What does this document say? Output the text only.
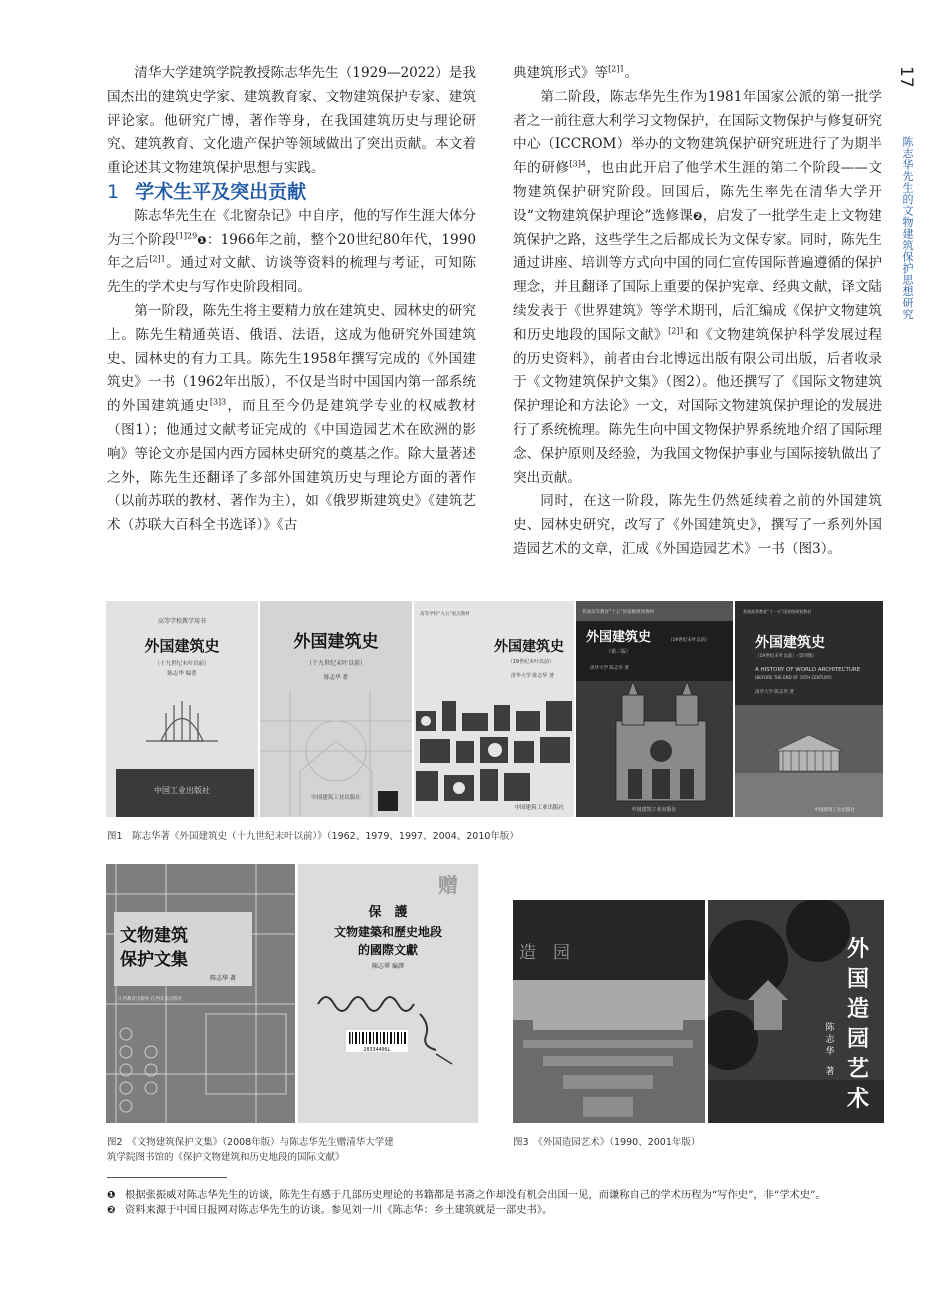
17
陈志华先生的文物建筑保护思想研究

清华大学建筑学院教授陈志华先生（1929—2022）是我国杰出的建筑史学家、建筑教育家、文物建筑保护专家、建筑评论家。他研究广博，著作等身，在我国建筑历史与理论研究、建筑教育、文化遗产保护等领域做出了突出贡献。本文着重论述其文物建筑保护思想与实践。

1 学术生平及突出贡献

陈志华先生在《北窗杂记》中自序，他的写作生涯大体分为三个阶段$^{[1]29}$❶：1966年之前，整个20世纪80年代，1990年之后$^{[2]1}$。通过对文献、访谈等资料的梳理与考证，可知陈先生的学术史与写作史阶段相同。

第一阶段，陈先生将主要精力放在建筑史、园林史的研究上。陈先生精通英语、俄语、法语，这成为他研究外国建筑史、园林史的有力工具。陈先生1958年撰写完成的《外国建筑史》一书（1962年出版），不仅是当时中国国内第一部系统的外国建筑通史$^{[3]3}$，而且至今仍是建筑学专业的权威教材（图1）；他通过文献考证完成的《中国造园艺术在欧洲的影响》等论文亦是国内西方园林史研究的奠基之作。除大量著述之外，陈先生还翻译了多部外国建筑历史与理论方面的著作（以前苏联的教材、著作为主），如《俄罗斯建筑史》《建筑艺术（苏联大百科全书选译）》《古

典建筑形式》等$^{[2]1}$。

第二阶段，陈志华先生作为1981年国家公派的第一批学者之一前往意大利学习文物保护，在国际文物保护与修复研究中心（ICCROM）举办的文物建筑保护研究班进行了为期半年的研修$^{[3]4}$，也由此开启了他学术生涯的第二个阶段——文物建筑保护研究阶段。回国后，陈先生率先在清华大学开设“文物建筑保护理论”选修课❷，启发了一批学生走上文物建筑保护之路，这些学生之后都成长为文保专家。同时，陈先生通过讲座、培训等方式向中国的同仁宣传国际普遍遵循的保护理念，并且翻译了国际上重要的保护宪章、经典文献，译文陆续发表于《世界建筑》等学术期刊，后汇编成《保护文物建筑和历史地段的国际文献》$^{[2]1}$和《文物建筑保护科学发展过程的历史资料》，前者由台北博远出版有限公司出版，后者收录于《文物建筑保护文集》（图2）。他还撰写了《国际文物建筑保护理论和方法论》一文，对国际文物建筑保护理论的发展进行了系统梳理。陈先生向中国文物保护界系统地介绍了国际理念、保护原则及经验，为我国文物保护事业与国际接轨做出了突出贡献。

同时，在这一阶段，陈先生仍然延续着之前的外国建筑史、园林史研究，改写了《外国建筑史》，撰写了一系列外国造园艺术的文章，汇成《外国造园艺术》一书（图3）。

高等学校教学用书
外国建筑史
（十九世纪末叶以前）
陈志华 编著
中国工业出版社
外国建筑史
（十九世纪末叶以前）
陈志华 著
中国建筑工业出版社
高等学校“九五”重点教材
外国建筑史
（19世纪末叶以前）
清华大学 陈志华 著
中国建筑工业出版社
普通高等教育“十五”国家级规划教材
外国建筑史	（19世纪末叶以前）
（第三版）
清华大学 陈志华 著
中国建筑工业出版社
普通高等教育“十一五”国家级规划教材
外国建筑史
（19世纪末叶以前）（第四版）
A HISTORY OF WORLD ARCHITECTURE
(BEFORE THE END OF 19TH CENTURY)
清华大学 陈志华 著
中国建筑工业出版社
图1　陈志华著《外国建筑史（十九世纪末叶以前）》（1962、1979、1997、2004、2010年版）
文物建筑
保护文集
陈志华 著
江西教育出版社·江西美术出版社
赠
保　護
文物建築和歷史地段
的國際文獻
陳志華 編譯
20334406L
图2　《文物建筑保护文集》（2008年版）与陈志华先生赠清华大学建
筑学院图书馆的《保护文物建筑和历史地段的国际文献》
造　园	外
国
造
园
艺
术
陈
志
华
著
图3　《外国造园艺术》（1990、2001年版）
❶ 根据张振威对陈志华先生的访谈，陈先生有感于几部历史理论的书籍都是书斋之作却没有机会出国一见，而谦称自己的学术历程为“写作史”，非“学术史”。
❷ 资料来源于中国日报网对陈志华先生的访谈。参见刘一川《陈志华：乡土建筑就是一部史书》。
